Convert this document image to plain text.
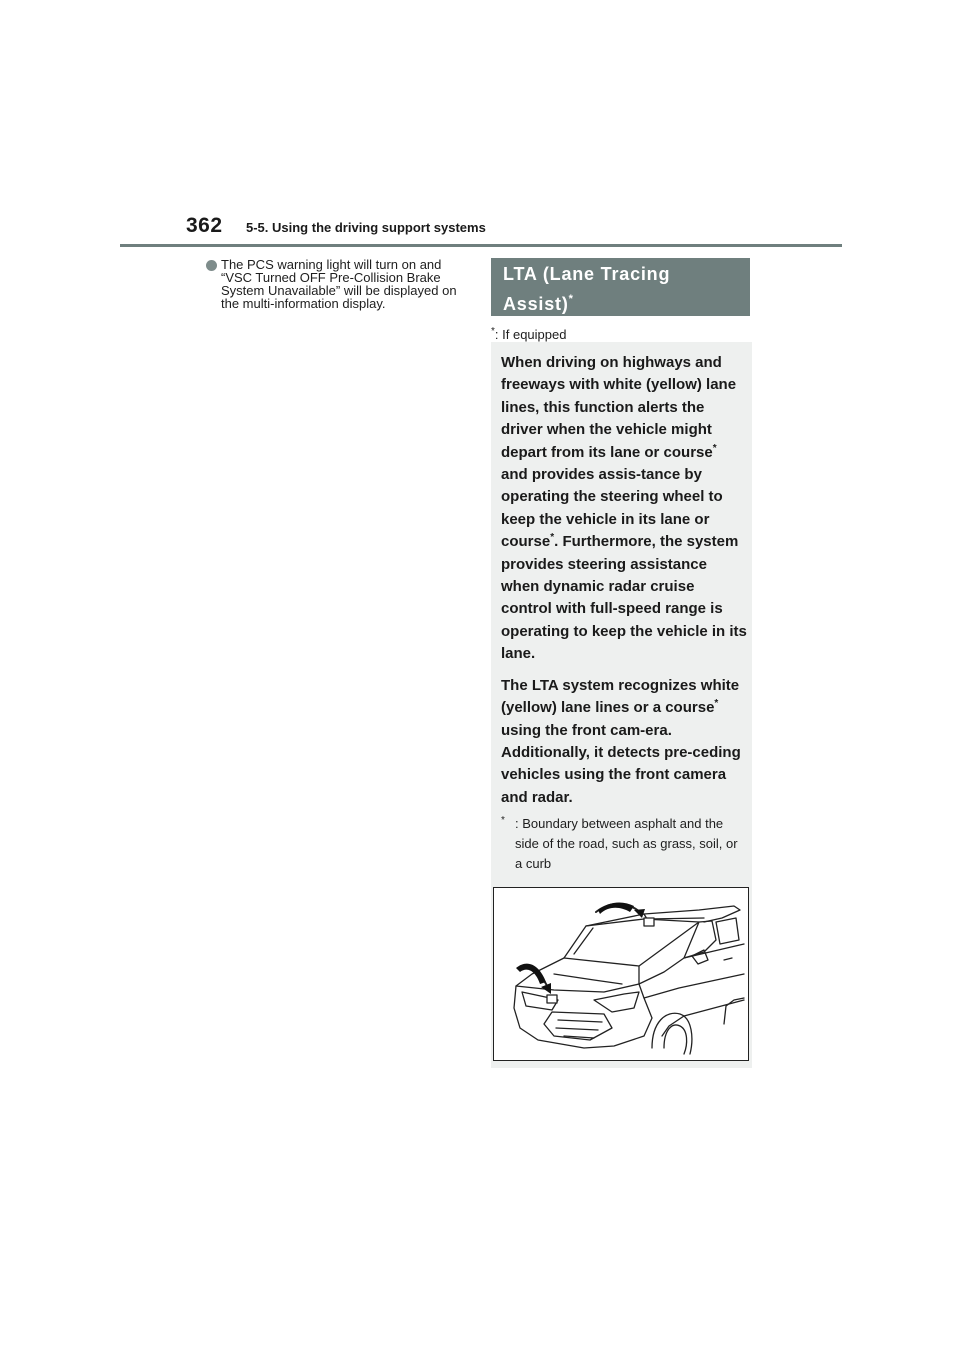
362 5-5. Using the driving support systems
The PCS warning light will turn on and “VSC Turned OFF Pre-Collision Brake System Unavailable” will be displayed on the multi-information display.
LTA (Lane Tracing Assist)*
*: If equipped

When driving on highways and freeways with white (yellow) lane lines, this function alerts the driver when the vehicle might depart from its lane or course* and provides assis-tance by operating the steering wheel to keep the vehicle in its lane or course*. Furthermore, the system provides steering assistance when dynamic radar cruise control with full-speed range is operating to keep the vehicle in its lane.

The LTA system recognizes white (yellow) lane lines or a course* using the front cam-era. Additionally, it detects pre-ceding vehicles using the front camera and radar.

* : Boundary between asphalt and the side of the road, such as grass, soil, or a curb
